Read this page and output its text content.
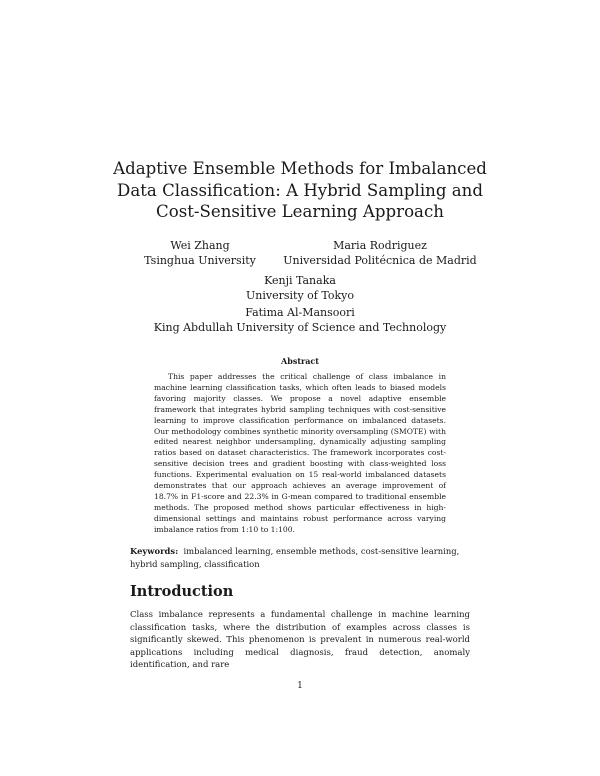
Adaptive Ensemble Methods for Imbalanced
Data Classification: A Hybrid Sampling and
Cost-Sensitive Learning Approach
Wei Zhang
Tsinghua University
Maria Rodriguez
Universidad Politécnica de Madrid
Kenji Tanaka
University of Tokyo
Fatima Al-Mansoori
King Abdullah University of Science and Technology
Abstract

This paper addresses the critical challenge of class imbalance in machine learning classification tasks, which often leads to biased models favoring majority classes. We propose a novel adaptive ensemble framework that integrates hybrid sampling techniques with cost-sensitive learning to improve classification performance on imbalanced datasets. Our methodology combines synthetic minority oversampling (SMOTE) with edited nearest neighbor undersampling, dynamically adjusting sampling ratios based on dataset characteristics. The framework incorporates cost-sensitive decision trees and gradient boosting with class-weighted loss functions. Experimental evaluation on 15 real-world imbalanced datasets demonstrates that our approach achieves an average improvement of 18.7% in F1-score and 22.3% in G-mean compared to traditional ensemble methods. The proposed method shows particular effectiveness in high-dimensional settings and maintains robust performance across varying imbalance ratios from 1:10 to 1:100.

Keywords: imbalanced learning, ensemble methods, cost-sensitive learning, hybrid sampling, classification

Introduction

Class imbalance represents a fundamental challenge in machine learning classification tasks, where the distribution of examples across classes is significantly skewed. This phenomenon is prevalent in numerous real-world applications including medical diagnosis, fraud detection, anomaly identification, and rare

1
